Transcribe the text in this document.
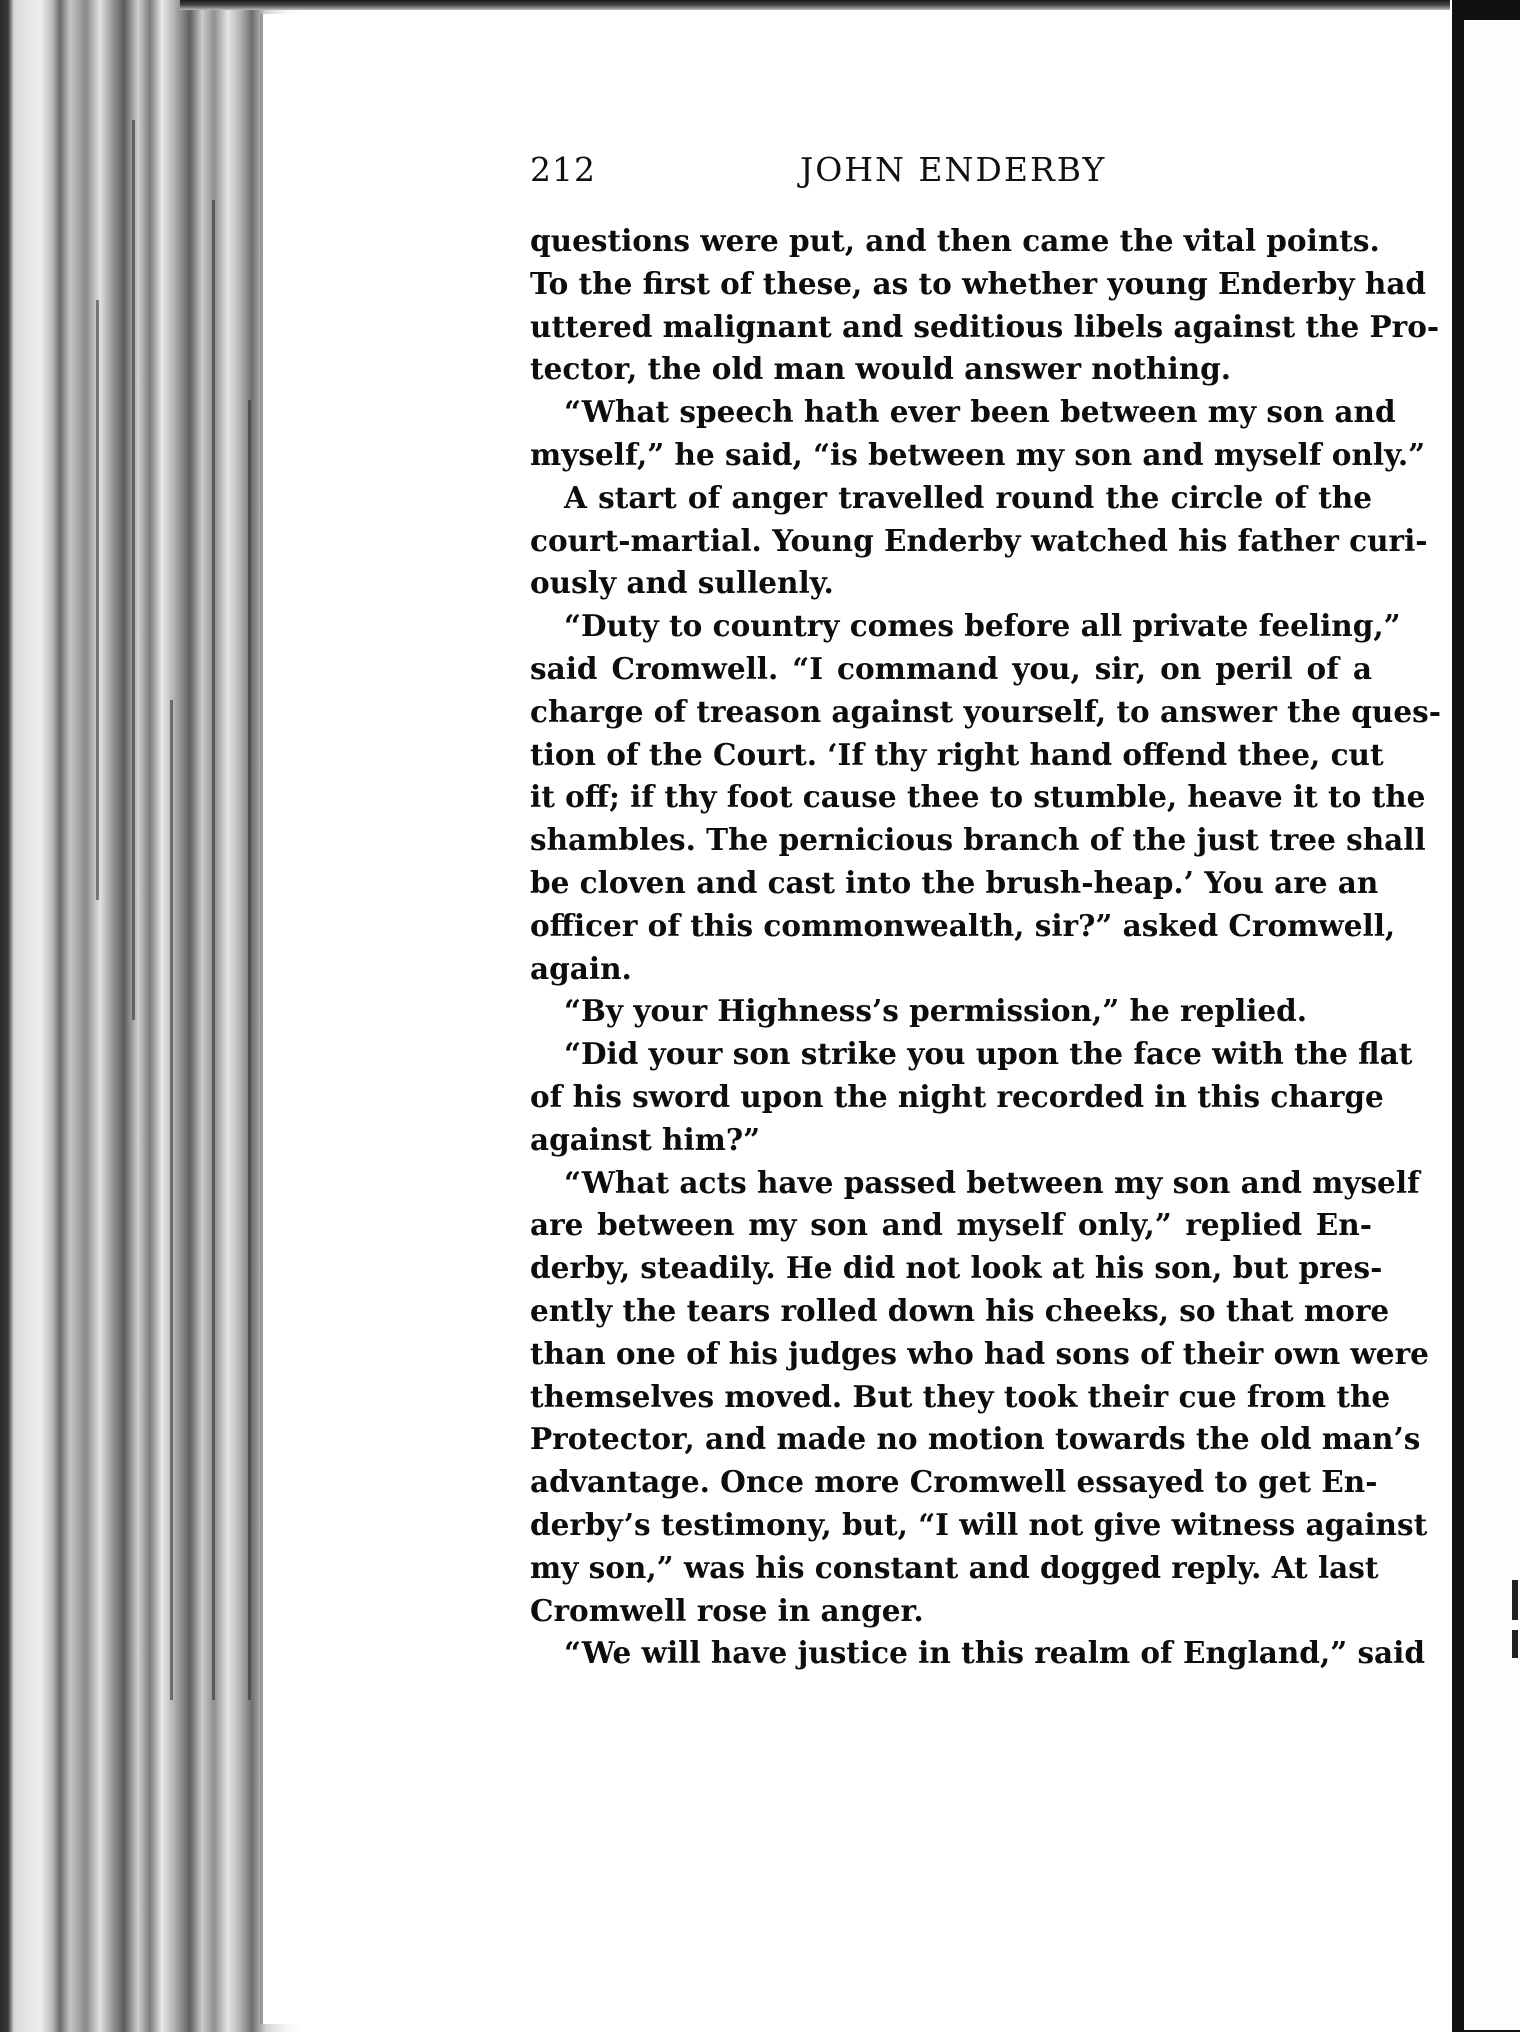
212	JOHN ENDERBY
questions were put, and then came the vital points.
To the first of these, as to whether young Enderby had
uttered malignant and seditious libels against the Pro-
tector, the old man would answer nothing.
“What speech hath ever been between my son and
myself,” he said, “is between my son and myself only.”
A start of anger travelled round the circle of the
court-martial. Young Enderby watched his father curi-
ously and sullenly.
“Duty to country comes before all private feeling,”
said Cromwell. “I command you, sir, on peril of a
charge of treason against yourself, to answer the ques-
tion of the Court. ‘If thy right hand offend thee, cut
it off; if thy foot cause thee to stumble, heave it to the
shambles. The pernicious branch of the just tree shall
be cloven and cast into the brush-heap.’ You are an
officer of this commonwealth, sir?” asked Cromwell,
again.
“By your Highness’s permission,” he replied.
“Did your son strike you upon the face with the flat
of his sword upon the night recorded in this charge
against him?”
“What acts have passed between my son and myself
are between my son and myself only,” replied En-
derby, steadily. He did not look at his son, but pres-
ently the tears rolled down his cheeks, so that more
than one of his judges who had sons of their own were
themselves moved. But they took their cue from the
Protector, and made no motion towards the old man’s
advantage. Once more Cromwell essayed to get En-
derby’s testimony, but, “I will not give witness against
my son,” was his constant and dogged reply. At last
Cromwell rose in anger.
“We will have justice in this realm of England,” said
